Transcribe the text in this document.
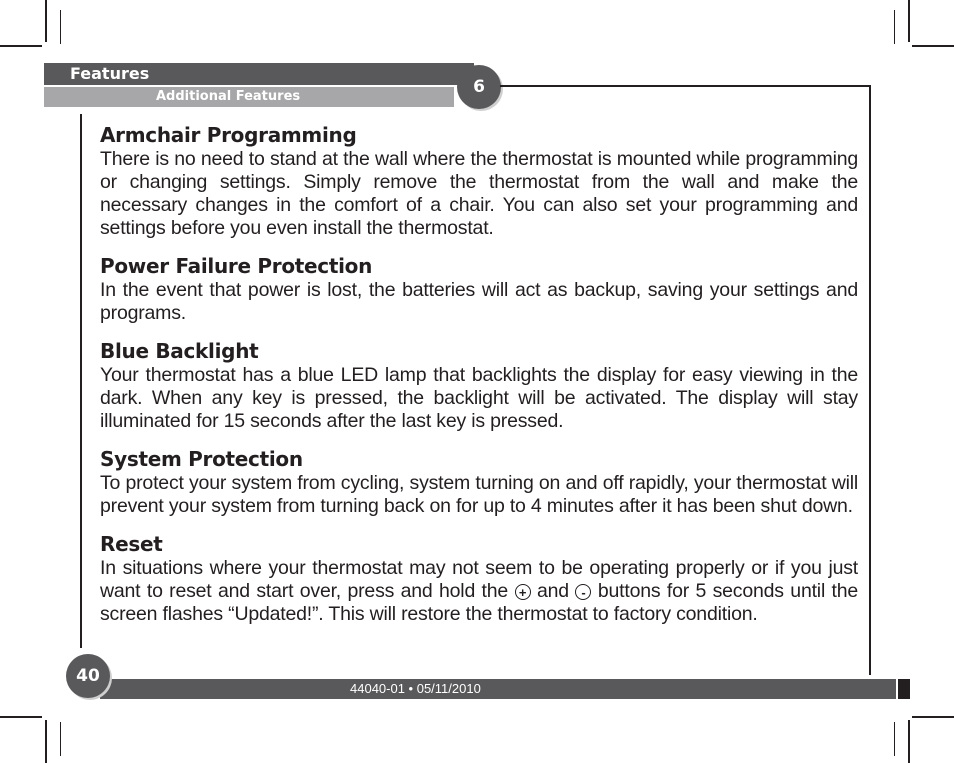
Features
Additional Features	6
Armchair Programming

There is no need to stand at the wall where the thermostat is mounted while programming or changing settings. Simply remove the thermostat from the wall and make the necessary changes in the comfort of a chair. You can also set your programming and settings before you even install the thermostat.

Power Failure Protection

In the event that power is lost, the batteries will act as backup, saving your settings and programs.

Blue Backlight

Your thermostat has a blue LED lamp that backlights the display for easy viewing in the dark. When any key is pressed, the backlight will be activated. The display will stay illuminated for 15 seconds after the last key is pressed.

System Protection

To protect your system from cycling, system turning on and off rapidly, your thermostat will prevent your system from turning back on for up to 4 minutes after it has been shut down.

Reset

In situations where your thermostat may not seem to be operating properly or if you just want to reset and start over, press and hold the + and - buttons for 5 seconds until the screen flashes “Updated!”. This will restore the thermostat to factory condition.

44040-01 • 05/11/2010
40
